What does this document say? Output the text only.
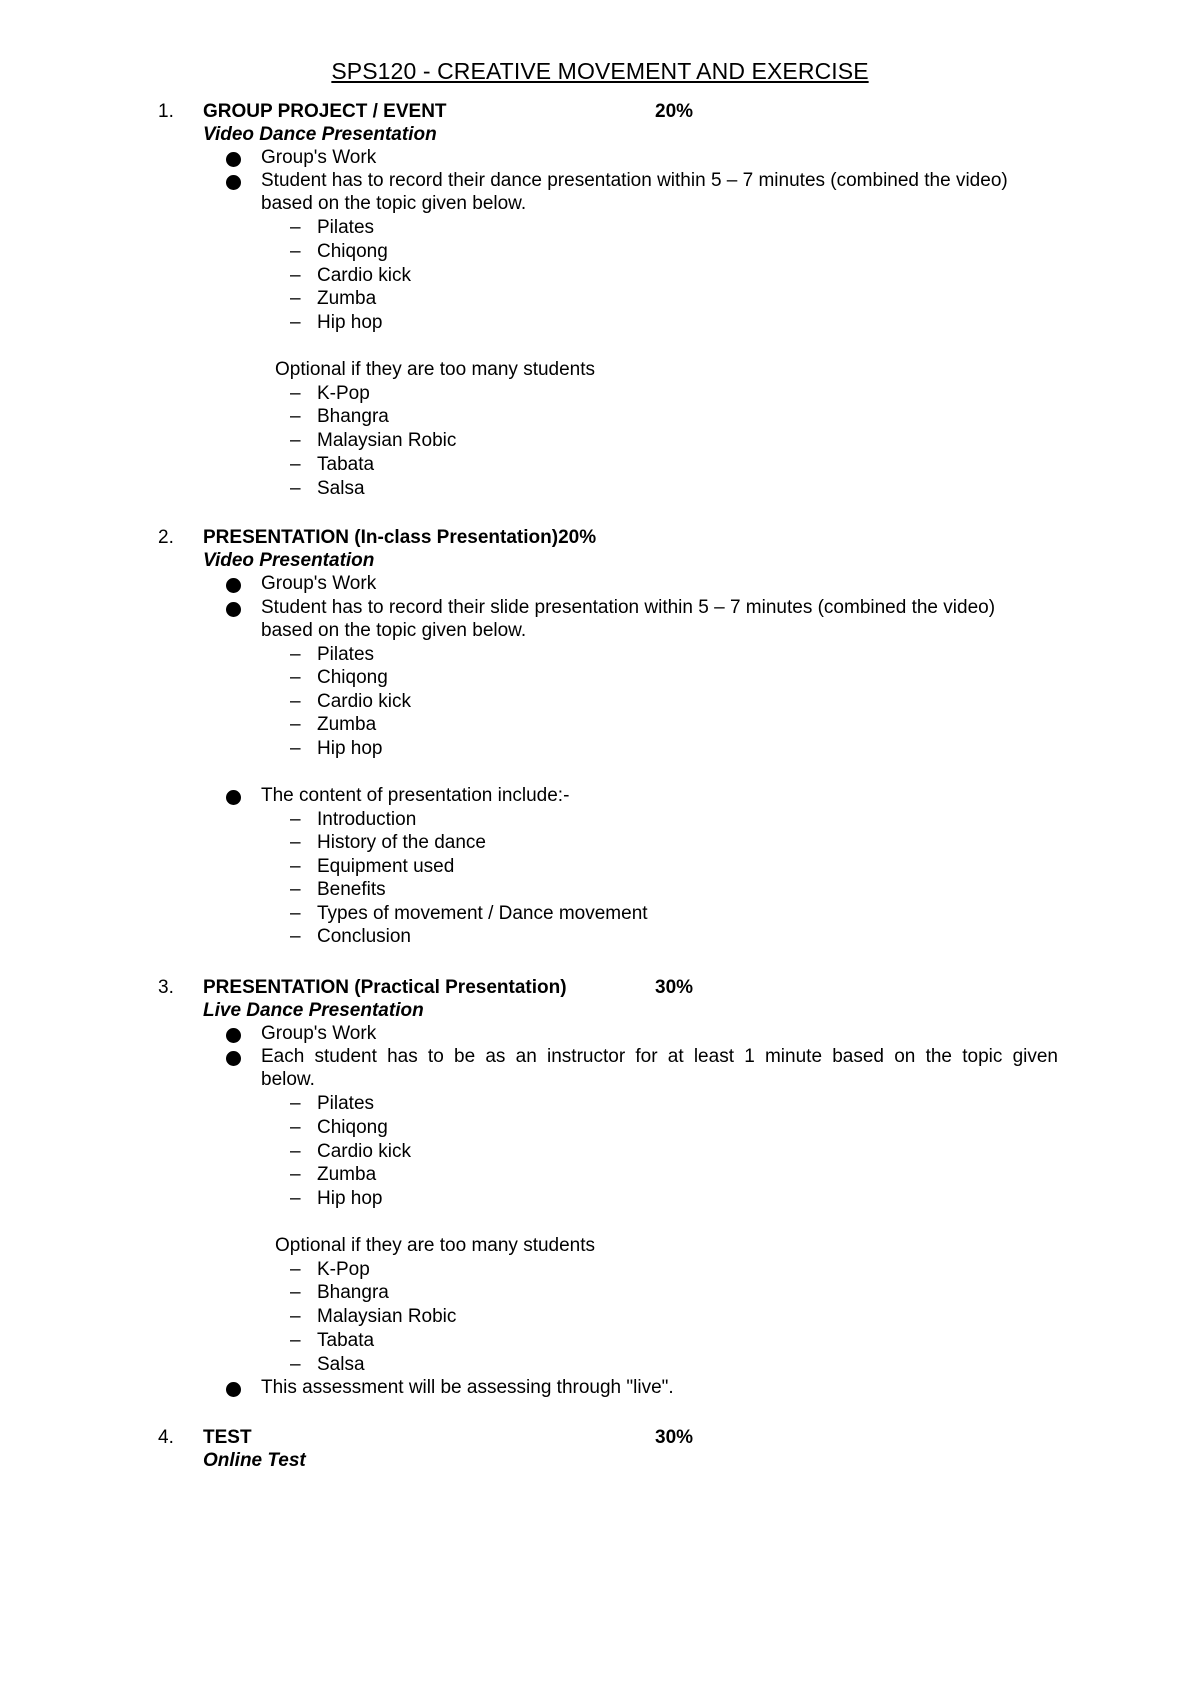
SPS120 - CREATIVE MOVEMENT AND EXERCISE
1. GROUP PROJECT / EVENT	20%
Video Dance Presentation
Group's Work
Student has to record their dance presentation within 5 – 7 minutes (combined the video)
based on the topic given below.
– Pilates
– Chiqong
– Cardio kick
– Zumba
– Hip hop
Optional if they are too many students
– K-Pop
– Bhangra
– Malaysian Robic
– Tabata
– Salsa
2. PRESENTATION (In-class Presentation)20%
Video Presentation
Group's Work
Student has to record their slide presentation within 5 – 7 minutes (combined the video)
based on the topic given below.
– Pilates
– Chiqong
– Cardio kick
– Zumba
– Hip hop
The content of presentation include:-
– Introduction
– History of the dance
– Equipment used
– Benefits
– Types of movement / Dance movement
– Conclusion
3. PRESENTATION (Practical Presentation)	30%
Live Dance Presentation
Group's Work
Each student has to be as an instructor for at least 1 minute based on the topic given
below.
– Pilates
– Chiqong
– Cardio kick
– Zumba
– Hip hop
Optional if they are too many students
– K-Pop
– Bhangra
– Malaysian Robic
– Tabata
– Salsa
This assessment will be assessing through "live".
4. TEST	30%
Online Test
